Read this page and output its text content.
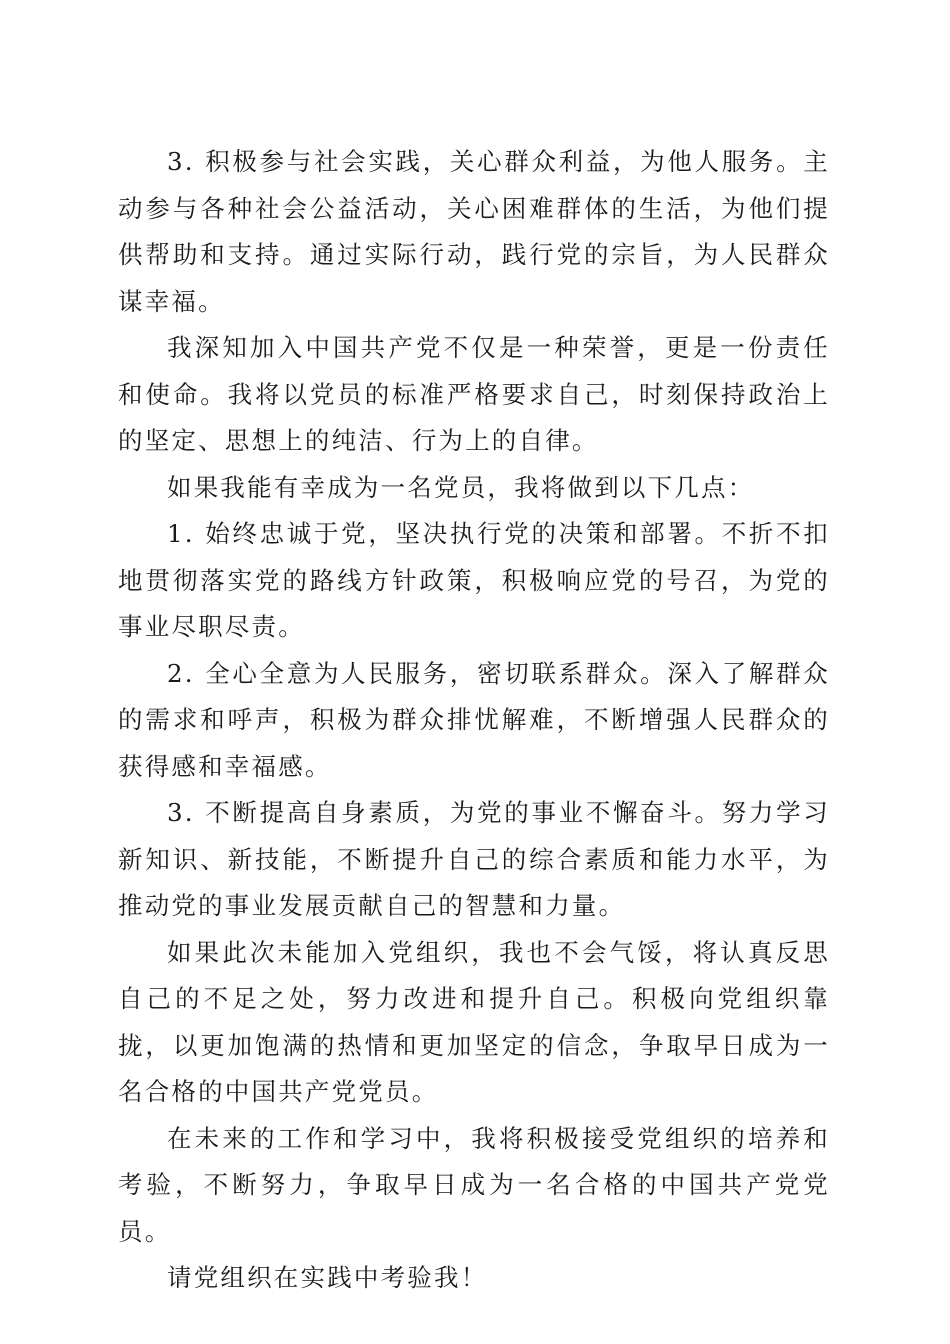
3. 积极参与社会实践，关心群众利益，为他人服务。主动参与各种社会公益活动，关心困难群体的生活，为他们提供帮助和支持。通过实际行动，践行党的宗旨，为人民群众谋幸福。

我深知加入中国共产党不仅是一种荣誉，更是一份责任和使命。我将以党员的标准严格要求自己，时刻保持政治上的坚定、思想上的纯洁、行为上的自律。

如果我能有幸成为一名党员，我将做到以下几点：

1. 始终忠诚于党，坚决执行党的决策和部署。不折不扣地贯彻落实党的路线方针政策，积极响应党的号召，为党的事业尽职尽责。

2. 全心全意为人民服务，密切联系群众。深入了解群众的需求和呼声，积极为群众排忧解难，不断增强人民群众的获得感和幸福感。

3. 不断提高自身素质，为党的事业不懈奋斗。努力学习新知识、新技能，不断提升自己的综合素质和能力水平，为推动党的事业发展贡献自己的智慧和力量。

如果此次未能加入党组织，我也不会气馁，将认真反思自己的不足之处，努力改进和提升自己。积极向党组织靠拢，以更加饱满的热情和更加坚定的信念，争取早日成为一名合格的中国共产党党员。

在未来的工作和学习中，我将积极接受党组织的培养和考验，不断努力，争取早日成为一名合格的中国共产党党员。

请党组织在实践中考验我！
